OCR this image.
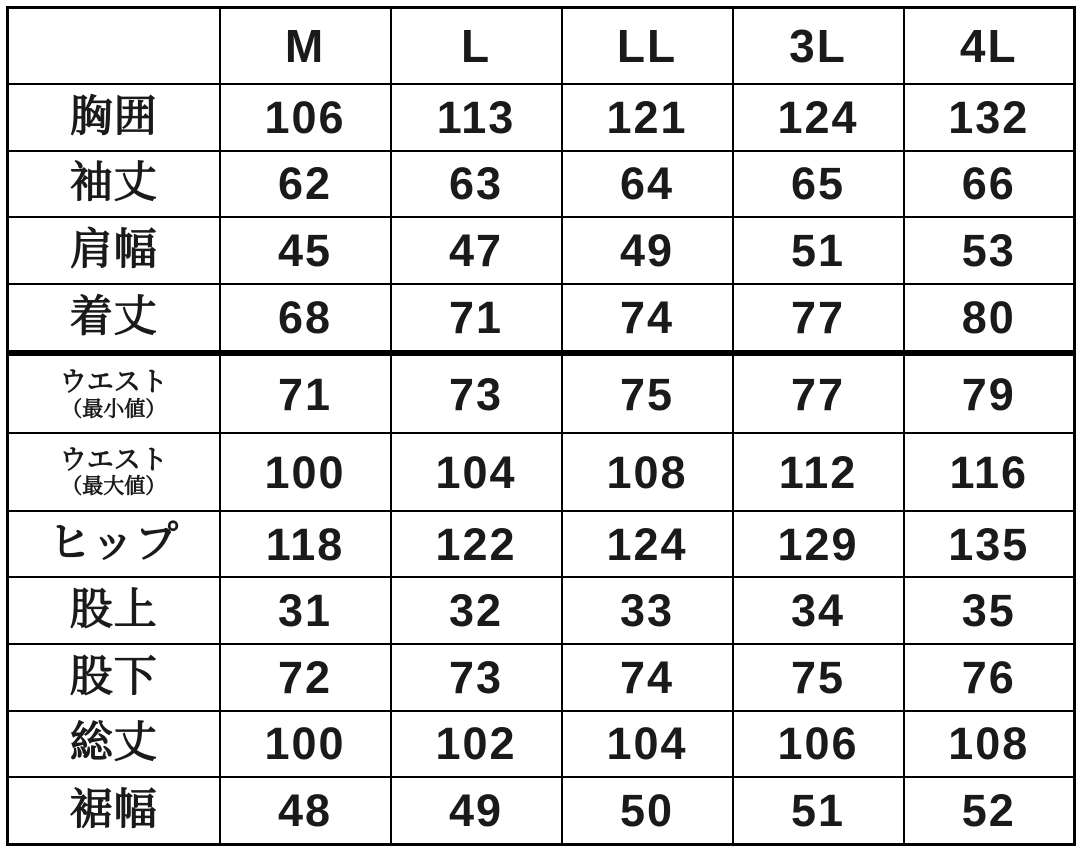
	M	L	LL	3L	4L
胸囲	106	113	121	124	132
袖丈	62	63	64	65	66
肩幅	45	47	49	51	53
着丈	68	71	74	77	80
ウエスト
（最小値）	71	73	75	77	79
ウエスト
（最大値）	100	104	108	112	116
ヒップ	118	122	124	129	135
股上	31	32	33	34	35
股下	72	73	74	75	76
総丈	100	102	104	106	108
裾幅	48	49	50	51	52
